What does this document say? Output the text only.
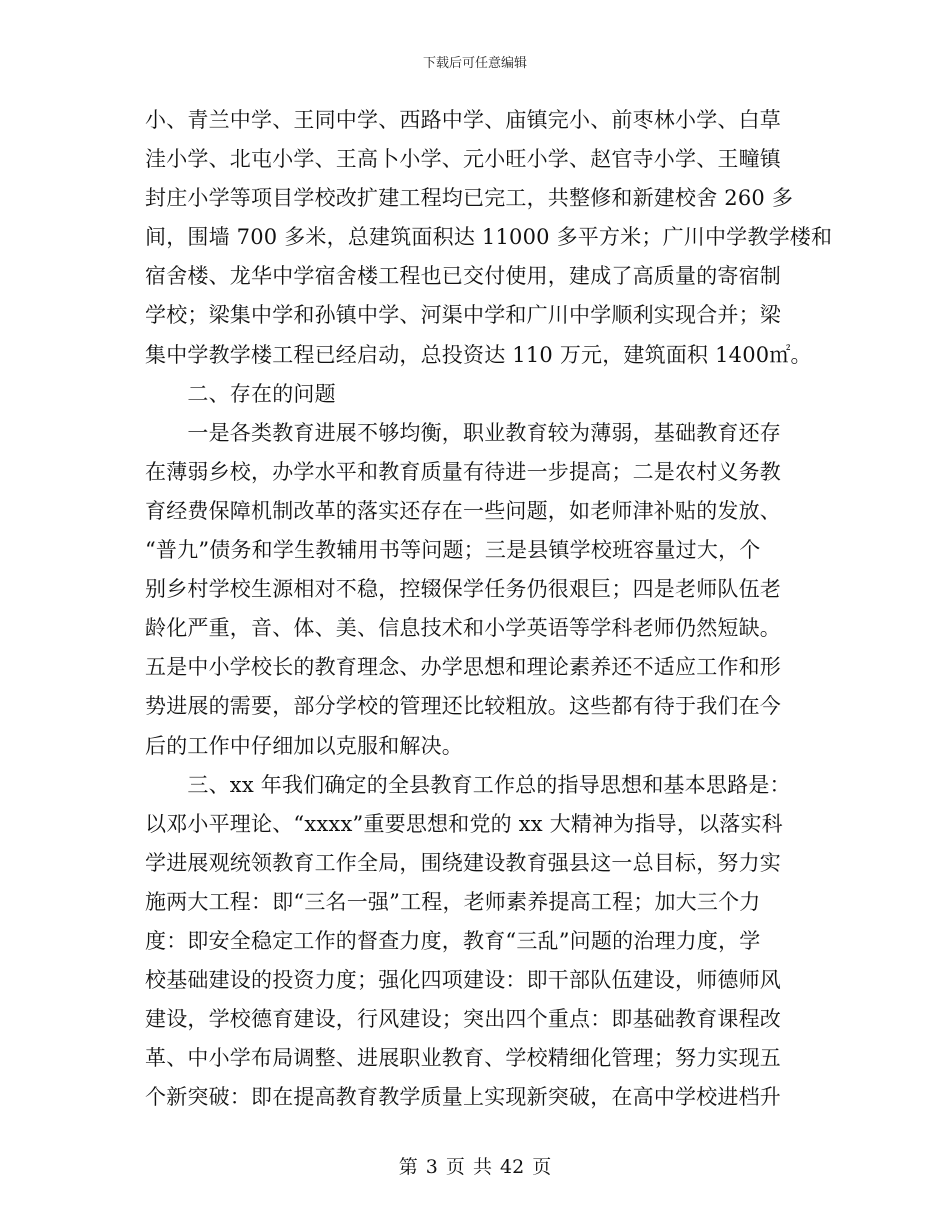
下载后可任意编辑
小、青兰中学、王同中学、西路中学、庙镇完小、前枣林小学、白草
洼小学、北屯小学、王高卜小学、元小旺小学、赵官寺小学、王疃镇
封庄小学等项目学校改扩建工程均已完工，共整修和新建校舍 260 多
间，围墙 700 多米，总建筑面积达 11000 多平方米；广川中学教学楼和
宿舍楼、龙华中学宿舍楼工程也已交付使用，建成了高质量的寄宿制
学校；梁集中学和孙镇中学、河渠中学和广川中学顺利实现合并；梁
集中学教学楼工程已经启动，总投资达 110 万元，建筑面积 1400㎡。
　　二、存在的问题
　　一是各类教育进展不够均衡，职业教育较为薄弱，基础教育还存
在薄弱乡校，办学水平和教育质量有待进一步提高；二是农村义务教
育经费保障机制改革的落实还存在一些问题，如老师津补贴的发放、
“普九”债务和学生教辅用书等问题；三是县镇学校班容量过大，个
别乡村学校生源相对不稳，控辍保学任务仍很艰巨；四是老师队伍老
龄化严重，音、体、美、信息技术和小学英语等学科老师仍然短缺。
五是中小学校长的教育理念、办学思想和理论素养还不适应工作和形
势进展的需要，部分学校的管理还比较粗放。这些都有待于我们在今
后的工作中仔细加以克服和解决。
　　三、xx 年我们确定的全县教育工作总的指导思想和基本思路是：
以邓小平理论、“xxxx”重要思想和党的 xx 大精神为指导，以落实科
学进展观统领教育工作全局，围绕建设教育强县这一总目标，努力实
施两大工程：即“三名一强”工程，老师素养提高工程；加大三个力
度：即安全稳定工作的督查力度，教育“三乱”问题的治理力度，学
校基础建设的投资力度；强化四项建设：即干部队伍建设，师德师风
建设，学校德育建设，行风建设；突出四个重点：即基础教育课程改
革、中小学布局调整、进展职业教育、学校精细化管理；努力实现五
个新突破：即在提高教育教学质量上实现新突破，在高中学校进档升
第 3 页 共 42 页
